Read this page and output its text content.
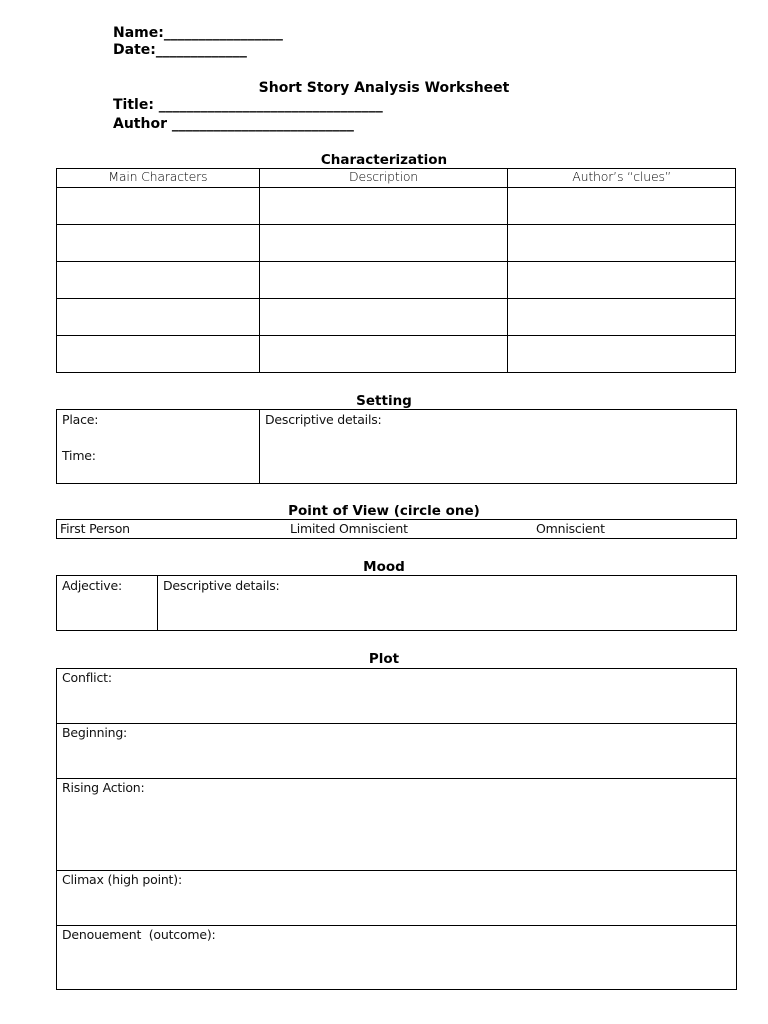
Name:_________________
Date:_____________
Short Story Analysis Worksheet
Title: ________________________________
Author __________________________
Characterization
Main Characters	Description	Author’s “clues”

Setting
Place:
Time:
Descriptive details:
Point of View (circle one)
First Person	Limited Omniscient	Omniscient
Mood
Adjective:	Descriptive details:
Plot
Conflict:
Beginning:
Rising Action:
Climax (high point):
Denouement  (outcome):
